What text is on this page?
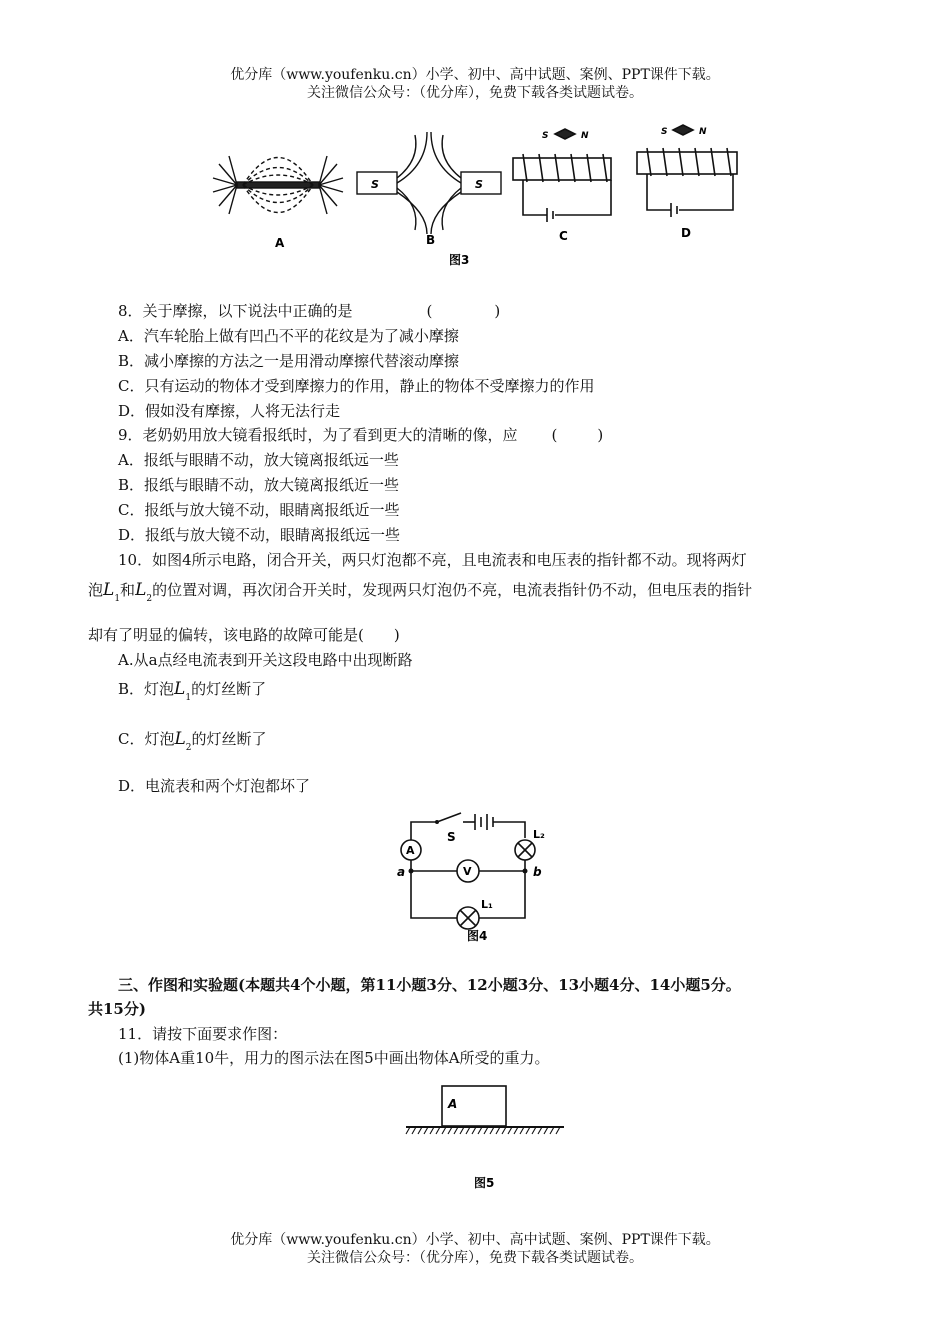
优分库（www.youfenku.cn）小学、初中、高中试题、案例、PPT课件下载。
关注微信公众号：（优分库），免费下载各类试题试卷。
A
S	S
B
S	N
C
S	N
D
图3
8．关于摩擦，以下说法中正确的是	(	)
A．汽车轮胎上做有凹凸不平的花纹是为了减小摩擦
B．减小摩擦的方法之一是用滑动摩擦代替滚动摩擦
C．只有运动的物体才受到摩擦力的作用，静止的物体不受摩擦力的作用
D．假如没有摩擦，人将无法行走
9．老奶奶用放大镜看报纸时，为了看到更大的清晰的像，应 (	)
A．报纸与眼睛不动，放大镜离报纸远一些
B．报纸与眼睛不动，放大镜离报纸近一些
C．报纸与放大镜不动，眼睛离报纸近一些
D．报纸与放大镜不动，眼睛离报纸远一些
10．如图4所示电路，闭合开关，两只灯泡都不亮，且电流表和电压表的指针都不动。现将两灯
泡$L_1$和$L_2$的位置对调，再次闭合开关时，发现两只灯泡仍不亮，电流表指针仍不动，但电压表的指针
却有了明显的偏转，该电路的故障可能是(　　)
A.从a点经电流表到开关这段电路中出现断路
B．灯泡$L_1$的灯丝断了
C．灯泡$L_2$的灯丝断了
D．电流表和两个灯泡都坏了
A
V
S
a	b
L₁
L₂
图4
三、作图和实验题(本题共4个小题，第11小题3分、12小题3分、13小题4分、14小题5分。
共15分)
11．请按下面要求作图：
(1)物体A重10牛，用力的图示法在图5中画出物体A所受的重力。
A
图5
优分库（www.youfenku.cn）小学、初中、高中试题、案例、PPT课件下载。
关注微信公众号：（优分库），免费下载各类试题试卷。
